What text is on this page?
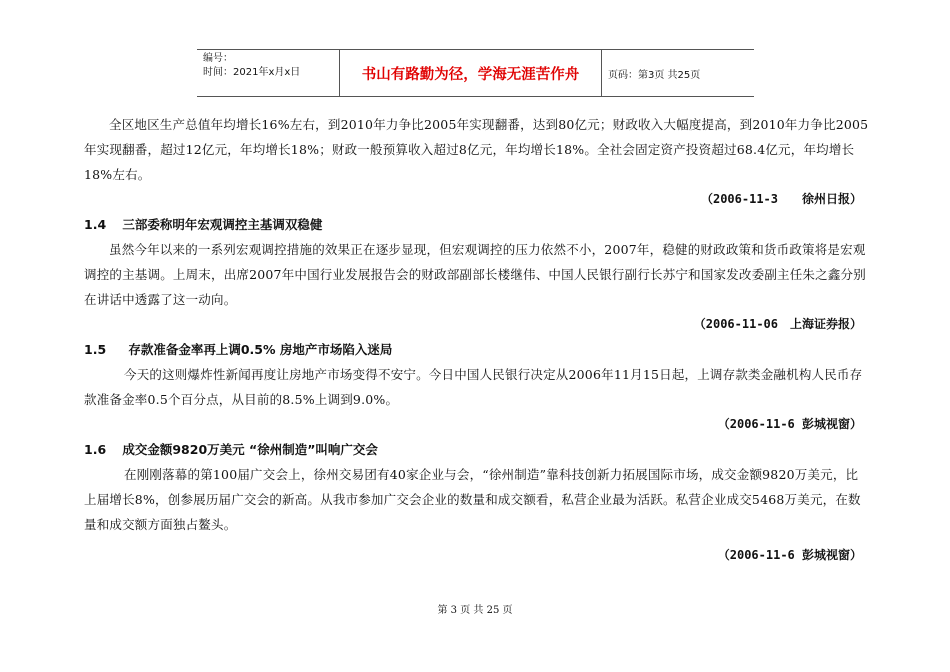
编号：
时间：2021年x月x日	书山有路勤为径，学海无涯苦作舟	页码：第3页 共25页

全区地区生产总值年均增长16%左右，到2010年力争比2005年实现翻番，达到80亿元；财政收入大幅度提高，到2010年力争比2005年实现翻番，超过12亿元，年均增长18%；财政一般预算收入超过8亿元，年均增长18%。全社会固定资产投资超过68.4亿元，年均增长18%左右。

（2006-11-3　　徐州日报）
1.4 三部委称明年宏观调控主基调双稳健

虽然今年以来的一系列宏观调控措施的效果正在逐步显现，但宏观调控的压力依然不小，2007年，稳健的财政政策和货币政策将是宏观调控的主基调。上周末，出席2007年中国行业发展报告会的财政部副部长楼继伟、中国人民银行副行长苏宁和国家发改委副主任朱之鑫分别在讲话中透露了这一动向。

（2006-11-06　上海证券报）
1.5 存款准备金率再上调0.5% 房地产市场陷入迷局

今天的这则爆炸性新闻再度让房地产市场变得不安宁。今日中国人民银行决定从2006年11月15日起，上调存款类金融机构人民币存款准备金率0.5个百分点，从目前的8.5%上调到9.0%。

（2006-11-6 彭城视窗）
1.6 成交金额9820万美元 “徐州制造”叫响广交会

在刚刚落幕的第100届广交会上，徐州交易团有40家企业与会，“徐州制造”靠科技创新力拓展国际市场，成交金额9820万美元，比上届增长8%，创参展历届广交会的新高。从我市参加广交会企业的数量和成交额看，私营企业最为活跃。私营企业成交5468万美元，在数量和成交额方面独占鳌头。

（2006-11-6 彭城视窗）
第 3 页 共 25 页
